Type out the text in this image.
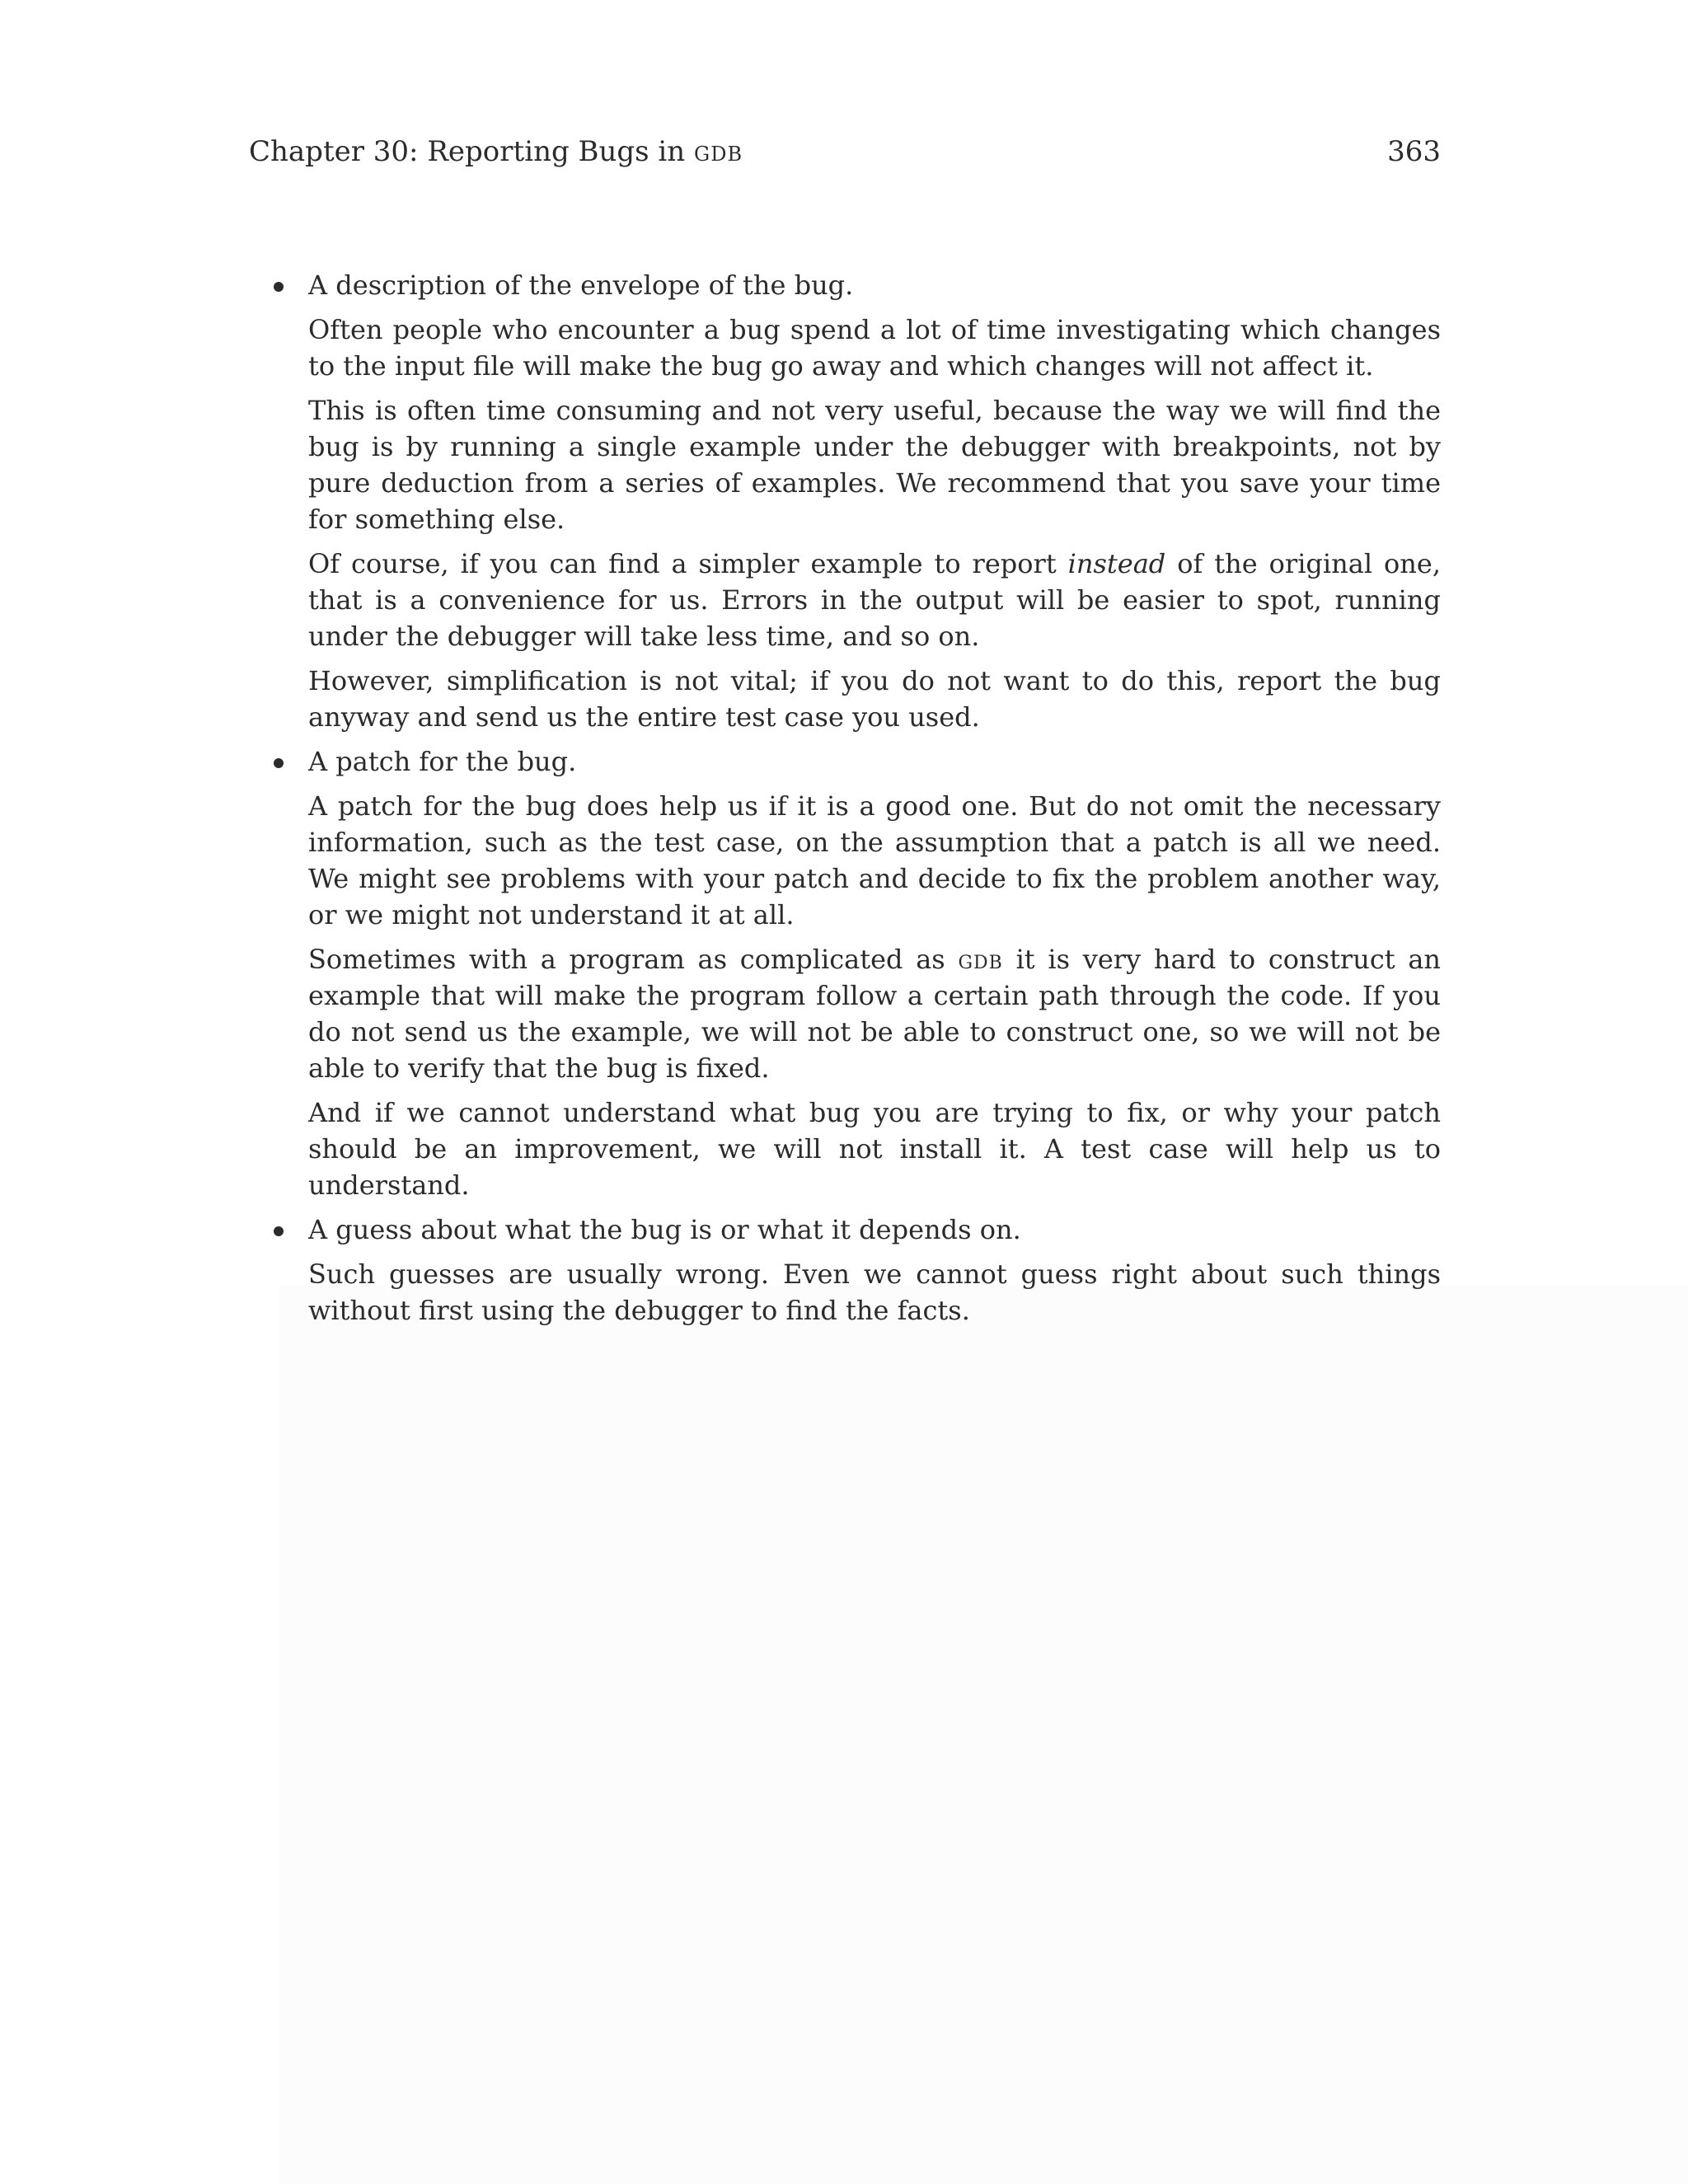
Chapter 30: Reporting Bugs in gdb	363

A description of the envelope of the bug.

Often people who encounter a bug spend a lot of time investigating which changes to the input file will make the bug go away and which changes will not affect it.

This is often time consuming and not very useful, because the way we will find the bug is by running a single example under the debugger with breakpoints, not by pure deduction from a series of examples. We recommend that you save your time for something else.

Of course, if you can find a simpler example to report instead of the original one, that is a convenience for us. Errors in the output will be easier to spot, running under the debugger will take less time, and so on.

However, simplification is not vital; if you do not want to do this, report the bug anyway and send us the entire test case you used.

A patch for the bug.

A patch for the bug does help us if it is a good one. But do not omit the necessary information, such as the test case, on the assumption that a patch is all we need. We might see problems with your patch and decide to fix the problem another way, or we might not understand it at all.

Sometimes with a program as complicated as gdb it is very hard to construct an example that will make the program follow a certain path through the code. If you do not send us the example, we will not be able to construct one, so we will not be able to verify that the bug is fixed.

And if we cannot understand what bug you are trying to fix, or why your patch should be an improvement, we will not install it. A test case will help us to understand.

A guess about what the bug is or what it depends on.

Such guesses are usually wrong. Even we cannot guess right about such things without first using the debugger to find the facts.
